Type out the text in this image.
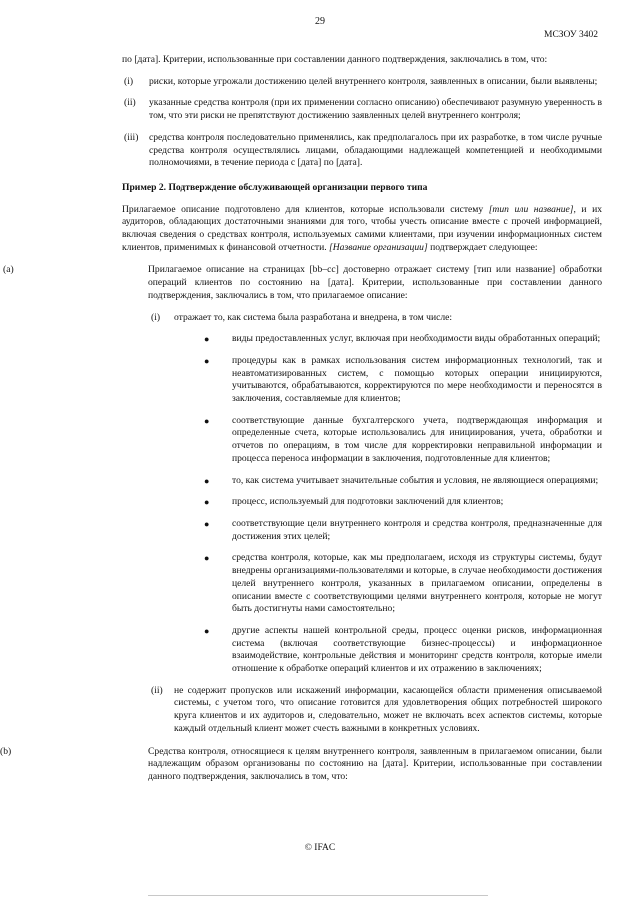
29
МСЗОУ 3402

по [дата]. Критерии, использованные при составлении данного подтверждения, заключались в том, что:

(i) риски, которые угрожали достижению целей внутреннего контроля, заявленных в описании, были выявлены;
(ii) указанные средства контроля (при их применении согласно описанию) обеспечивают разумную уверенность в том, что эти риски не препятствуют достижению заявленных целей внутреннего контроля;
(iii) средства контроля последовательно применялись, как предполагалось при их разработке, в том числе ручные средства контроля осуществлялись лицами, обладающими надлежащей компетенцией и необходимыми полномочиями, в течение периода с [дата] по [дата].

Пример 2. Подтверждение обслуживающей организации первого типа

Прилагаемое описание подготовлено для клиентов, которые использовали систему [тип или название], и их аудиторов, обладающих достаточными знаниями для того, чтобы учесть описание вместе с прочей информацией, включая сведения о средствах контроля, используемых самими клиентами, при изучении информационных систем клиентов, применимых к финансовой отчетности. [Название организации] подтверждает следующее:

(a)	Прилагаемое описание на страницах [bb–cc] достоверно отражает систему [тип или название] обработки операций клиентов по состоянию на [дата]. Критерии, использованные при составлении данного подтверждения, заключались в том, что прилагаемое описание:
(i) отражает то, как система была разработана и внедрена, в том числе:
● виды предоставленных услуг, включая при необходимости виды обработанных операций;
● процедуры как в рамках использования систем информационных технологий, так и неавтоматизированных систем, с помощью которых операции инициируются, учитываются, обрабатываются, корректируются по мере необходимости и переносятся в заключения, составляемые для клиентов;
● соответствующие данные бухгалтерского учета, подтверждающая информация и определенные счета, которые использовались для инициирования, учета, обработки и отчетов по операциям, в том числе для корректировки неправильной информации и процесса переноса информации в заключения, подготовленные для клиентов;
● то, как система учитывает значительные события и условия, не являющиеся операциями;
● процесс, используемый для подготовки заключений для клиентов;
● соответствующие цели внутреннего контроля и средства контроля, предназначенные для достижения этих целей;
● средства контроля, которые, как мы предполагаем, исходя из структуры системы, будут внедрены организациями-пользователями и которые, в случае необходимости достижения целей внутреннего контроля, указанных в прилагаемом описании, определены в описании вместе с соответствующими целями внутреннего контроля, которые не могут быть достигнуты нами самостоятельно;
● другие аспекты нашей контрольной среды, процесс оценки рисков, информационная система (включая соответствующие бизнес-процессы) и информационное взаимодействие, контрольные действия и мониторинг средств контроля, которые имели отношение к обработке операций клиентов и их отражению в заключениях;
(ii) не содержит пропусков или искажений информации, касающейся области применения описываемой системы, с учетом того, что описание готовится для удовлетворения общих потребностей широкого круга клиентов и их аудиторов и, следовательно, может не включать всех аспектов системы, которые каждый отдельный клиент может счесть важными в конкретных условиях.
(b)	Средства контроля, относящиеся к целям внутреннего контроля, заявленным в прилагаемом описании, были надлежащим образом организованы по состоянию на [дата]. Критерии, использованные при составлении данного подтверждения, заключались в том, что:
© IFAC
